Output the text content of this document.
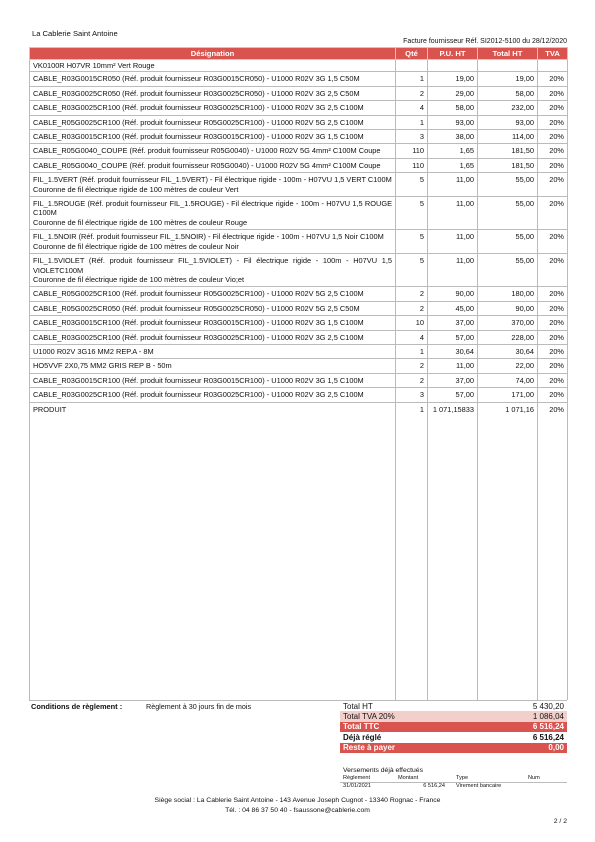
La Cablerie Saint Antoine
Facture fournisseur Réf. SI2012-5100 du 28/12/2020
Désignation	Qté	P.U. HT	Total HT	TVA
VK0100R H07VR 10mm² Vert Rouge				
CABLE_R03G0015CR050 (Réf. produit fournisseur R03G0015CR050) - U1000 R02V 3G 1,5 C50M	1	19,00	19,00	20%
CABLE_R03G0025CR050 (Réf. produit fournisseur R03G0025CR050) - U1000 R02V 3G 2,5 C50M	2	29,00	58,00	20%
CABLE_R03G0025CR100 (Réf. produit fournisseur R03G0025CR100) - U1000 R02V 3G 2,5 C100M	4	58,00	232,00	20%
CABLE_R05G0025CR100 (Réf. produit fournisseur R05G0025CR100) - U1000 R02V 5G 2,5 C100M	1	93,00	93,00	20%
CABLE_R03G0015CR100 (Réf. produit fournisseur R03G0015CR100) - U1000 R02V 3G 1,5 C100M	3	38,00	114,00	20%
CABLE_R05G0040_COUPE (Réf. produit fournisseur R05G0040) - U1000 R02V 5G 4mm² C100M Coupe	110	1,65	181,50	20%
CABLE_R05G0040_COUPE (Réf. produit fournisseur R05G0040) - U1000 R02V 5G 4mm² C100M Coupe	110	1,65	181,50	20%
FIL_1.5VERT (Réf. produit fournisseur FIL_1.5VERT) - Fil électrique rigide - 100m - H07VU 1,5 VERT C100M
Couronne de fil électrique rigide de 100 mètres de couleur Vert	5	11,00	55,00	20%
FIL_1.5ROUGE (Réf. produit fournisseur FIL_1.5ROUGE) - Fil électrique rigide - 100m - H07VU 1,5 ROUGE C100M
Couronne de fil électrique rigide de 100 mètres de couleur Rouge	5	11,00	55,00	20%
FIL_1.5NOIR (Réf. produit fournisseur FIL_1.5NOIR) - Fil électrique rigide - 100m - H07VU 1,5 Noir C100M
Couronne de fil électrique rigide de 100 mètres de couleur Noir	5	11,00	55,00	20%
FIL_1.5VIOLET (Réf. produit fournisseur FIL_1.5VIOLET) - Fil électrique rigide - 100m - H07VU 1,5 VIOLETC100M
Couronne de fil électrique rigide de 100 mètres de couleur Vio;et	5	11,00	55,00	20%
CABLE_R05G0025CR100 (Réf. produit fournisseur R05G0025CR100) - U1000 R02V 5G 2,5 C100M	2	90,00	180,00	20%
CABLE_R05G0025CR050 (Réf. produit fournisseur R05G0025CR050) - U1000 R02V 5G 2,5 C50M	2	45,00	90,00	20%
CABLE_R03G0015CR100 (Réf. produit fournisseur R03G0015CR100) - U1000 R02V 3G 1,5 C100M	10	37,00	370,00	20%
CABLE_R03G0025CR100 (Réf. produit fournisseur R03G0025CR100) - U1000 R02V 3G 2,5 C100M	4	57,00	228,00	20%
U1000 R02V 3G16 MM2 REP.A - 8M	1	30,64	30,64	20%
HO5VVF 2X0,75 MM2 GRIS REP B - 50m	2	11,00	22,00	20%
CABLE_R03G0015CR100 (Réf. produit fournisseur R03G0015CR100) - U1000 R02V 3G 1,5 C100M	2	37,00	74,00	20%
CABLE_R03G0025CR100 (Réf. produit fournisseur R03G0025CR100) - U1000 R02V 3G 2,5 C100M	3	57,00	171,00	20%
PRODUIT	1	1 071,15833	1 071,16	20%
Conditions de règlement :	Règlement à 30 jours fin de mois	Total HT	5 430,20
Total TVA 20%	1 086,04
Total TTC	6 516,24
Déjà réglé	6 516,24
Reste à payer	0,00
Versements déjà effectués
Règlement	Montant	Type	Num
31/01/2021	6 516,24	Virement bancaire	
Siège social : La Cablerie Saint Antoine - 143 Avenue Joseph Cugnot - 13340 Rognac - France
Tél. : 04 86 37 50 40 - fsaussone@cablerie.com
2 / 2
